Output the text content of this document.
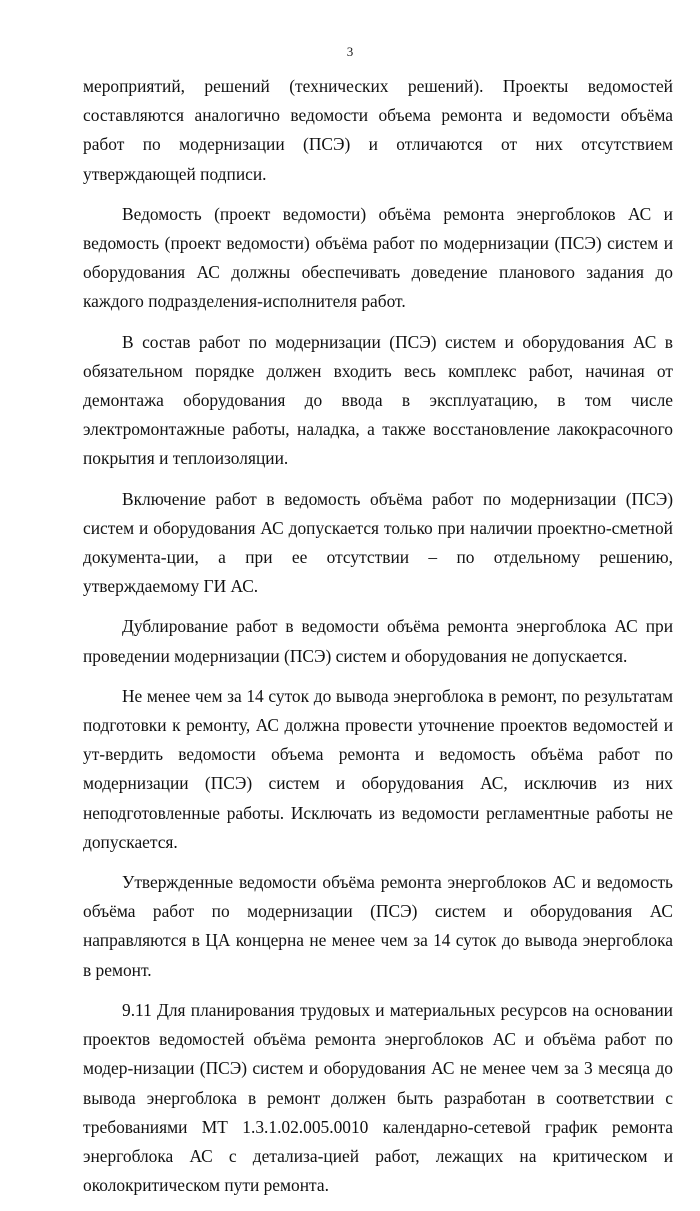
3

мероприятий, решений (технических решений). Проекты ведомостей составляются аналогично ведомости объема ремонта и ведомости объёма работ по модернизации (ПСЭ) и отличаются от них отсутствием утверждающей подписи.

Ведомость (проект ведомости) объёма ремонта энергоблоков АС и ведомость (проект ведомости) объёма работ по модернизации (ПСЭ) систем и оборудования АС должны обеспечивать доведение планового задания до каждого подразделения-исполнителя работ.

В состав работ по модернизации (ПСЭ) систем и оборудования АС в обязательном порядке должен входить весь комплекс работ, начиная от демонтажа оборудования до ввода в эксплуатацию, в том числе электромонтажные работы, наладка, а также восстановление лакокрасочного покрытия и теплоизоляции.

Включение работ в ведомость объёма работ по модернизации (ПСЭ) систем и оборудования АС допускается только при наличии проектно-сметной документа-ции, а при ее отсутствии – по отдельному решению, утверждаемому ГИ АС.

Дублирование работ в ведомости объёма ремонта энергоблока АС при проведении модернизации (ПСЭ) систем и оборудования не допускается.

Не менее чем за 14 суток до вывода энергоблока в ремонт, по результатам подготовки к ремонту, АС должна провести уточнение проектов ведомостей и ут-вердить ведомости объема ремонта и ведомость объёма работ по модернизации (ПСЭ) систем и оборудования АС, исключив из них неподготовленные работы. Исключать из ведомости регламентные работы не допускается.

Утвержденные ведомости объёма ремонта энергоблоков АС и ведомость объёма работ по модернизации (ПСЭ) систем и оборудования АС направляются в ЦА концерна не менее чем за 14 суток до вывода энергоблока в ремонт.

9.11 Для планирования трудовых и материальных ресурсов на основании проектов ведомостей объёма ремонта энергоблоков АС и объёма работ по модер-низации (ПСЭ) систем и оборудования АС не менее чем за 3 месяца до вывода энергоблока в ремонт должен быть разработан в соответствии с требованиями МТ 1.3.1.02.005.0010 календарно-сетевой график ремонта энергоблока АС с детализа-цией работ, лежащих на критическом и околокритическом пути ремонта.
